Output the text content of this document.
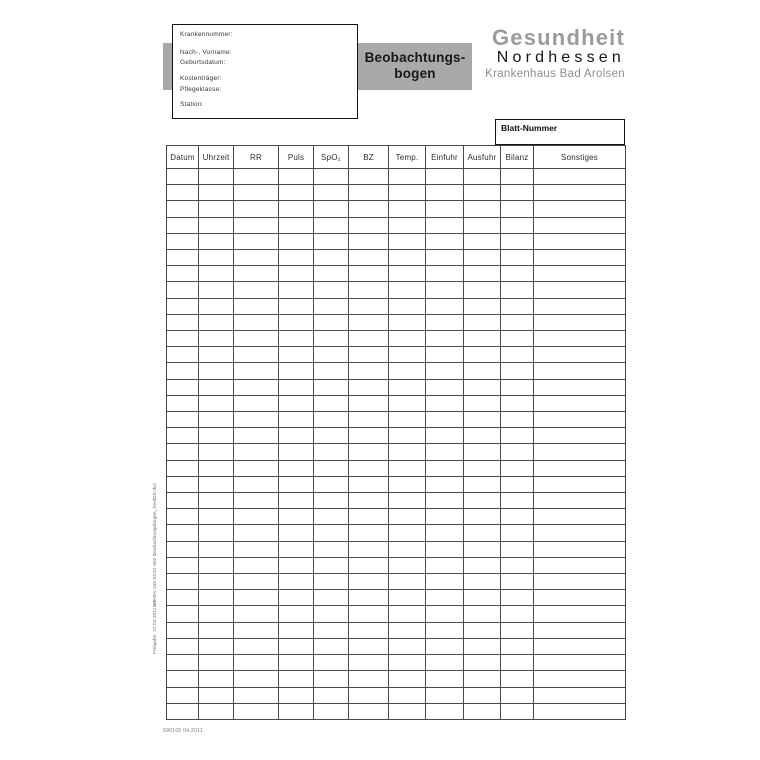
Krankennummer:
Nach-, Vorname:
Geburtsdatum:
Kostenträger:
Pflegeklasse:
Station:
Beobachtungs-
bogen
Gesundheit
Nordhessen
Krankenhaus Bad Arolsen
Blatt-Nummer
Datum	Uhrzeit	RR	Puls	SpO₂	BZ	Temp.	Einfuhr	Ausfuhr	Bilanz	Sonstiges

KKHBA-158 03.01-002 Beobachtungsbogen_SeniDS.doc
Freigabe: 22.04.2011 GF
990105 04.2011
